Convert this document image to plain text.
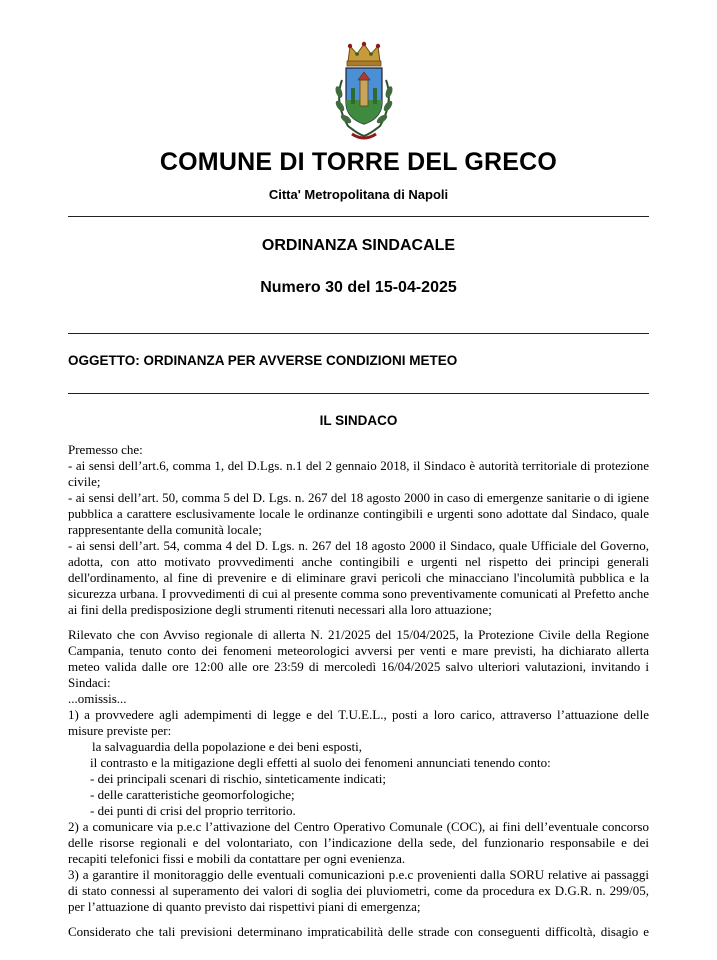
COMUNE DI TORRE DEL GRECO
Citta' Metropolitana di Napoli
ORDINANZA SINDACALE
Numero 30 del 15-04-2025
OGGETTO: ORDINANZA PER AVVERSE CONDIZIONI METEO
IL SINDACO
Premesso che:
- ai sensi dell’art.6, comma 1, del D.Lgs. n.1 del 2 gennaio 2018, il Sindaco è autorità territoriale di protezione
civile;
- ai sensi dell’art. 50, comma 5 del D. Lgs. n. 267 del 18 agosto 2000 in caso di emergenze sanitarie o di igiene
pubblica a carattere esclusivamente locale le ordinanze contingibili e urgenti sono adottate dal Sindaco, quale
rappresentante della comunità locale;
- ai sensi dell’art. 54, comma 4 del D. Lgs. n. 267 del 18 agosto 2000 il Sindaco, quale Ufficiale del Governo,
adotta, con atto motivato provvedimenti anche contingibili e urgenti nel rispetto dei principi generali
dell'ordinamento, al fine di prevenire e di eliminare gravi pericoli che minacciano l'incolumità pubblica e la
sicurezza urbana. I provvedimenti di cui al presente comma sono preventivamente comunicati al Prefetto anche
ai fini della predisposizione degli strumenti ritenuti necessari alla loro attuazione;
Rilevato che con Avviso regionale di allerta N. 21/2025 del 15/04/2025, la Protezione Civile della Regione
Campania, tenuto conto dei fenomeni meteorologici avversi per venti e mare previsti, ha dichiarato allerta
meteo valida dalle ore 12:00 alle ore 23:59 di mercoledì 16/04/2025 salvo ulteriori valutazioni, invitando i
Sindaci:
...omissis...
1) a provvedere agli adempimenti di legge e del T.U.E.L., posti a loro carico, attraverso l’attuazione delle
misure previste per:
la salvaguardia della popolazione e dei beni esposti,
il contrasto e la mitigazione degli effetti al suolo dei fenomeni annunciati tenendo conto:
- dei principali scenari di rischio, sinteticamente indicati;
- delle caratteristiche geomorfologiche;
- dei punti di crisi del proprio territorio.
2) a comunicare via p.e.c l’attivazione del Centro Operativo Comunale (COC), ai fini dell’eventuale concorso
delle risorse regionali e del volontariato, con l’indicazione della sede, del funzionario responsabile e dei
recapiti telefonici fissi e mobili da contattare per ogni evenienza.
3) a garantire il monitoraggio delle eventuali comunicazioni p.e.c provenienti dalla SORU relative ai passaggi
di stato connessi al superamento dei valori di soglia dei pluviometri, come da procedura ex D.G.R. n. 299/05,
per l’attuazione di quanto previsto dai rispettivi piani di emergenza;
Considerato che tali previsioni determinano impraticabilità delle strade con conseguenti difficoltà, disagio e
